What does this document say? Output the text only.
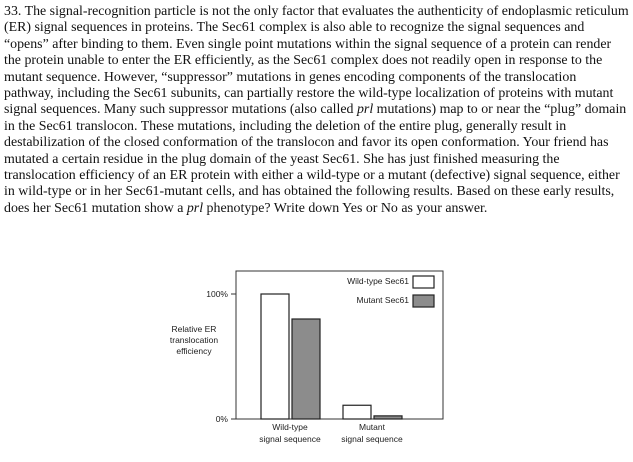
33. The signal-recognition particle is not the only factor that evaluates the authenticity of endoplasmic reticulum (ER) signal sequences in proteins. The Sec61 complex is also able to recognize the signal sequences and “opens” after binding to them. Even single point mutations within the signal sequence of a protein can render the protein unable to enter the ER efficiently, as the Sec61 complex does not readily open in response to the mutant sequence. However, “suppressor” mutations in genes encoding components of the translocation pathway, including the Sec61 subunits, can partially restore the wild-type localization of proteins with mutant signal sequences. Many such suppressor mutations (also called prl mutations) map to or near the “plug” domain in the Sec61 translocon. These mutations, including the deletion of the entire plug, generally result in destabilization of the closed conformation of the translocon and favor its open conformation. Your friend has mutated a certain residue in the plug domain of the yeast Sec61. She has just finished measuring the translocation efficiency of an ER protein with either a wild-type or a mutant (defective) signal sequence, either in wild-type or in her Sec61-mutant cells, and has obtained the following results. Based on these early results, does her Sec61 mutation show a prl phenotype? Write down Yes or No as your answer.

Relative ER
translocation
efficiency
100%
0%
Wild-type
signal sequence
Mutant
signal sequence
Wild-type Sec61
Mutant Sec61
